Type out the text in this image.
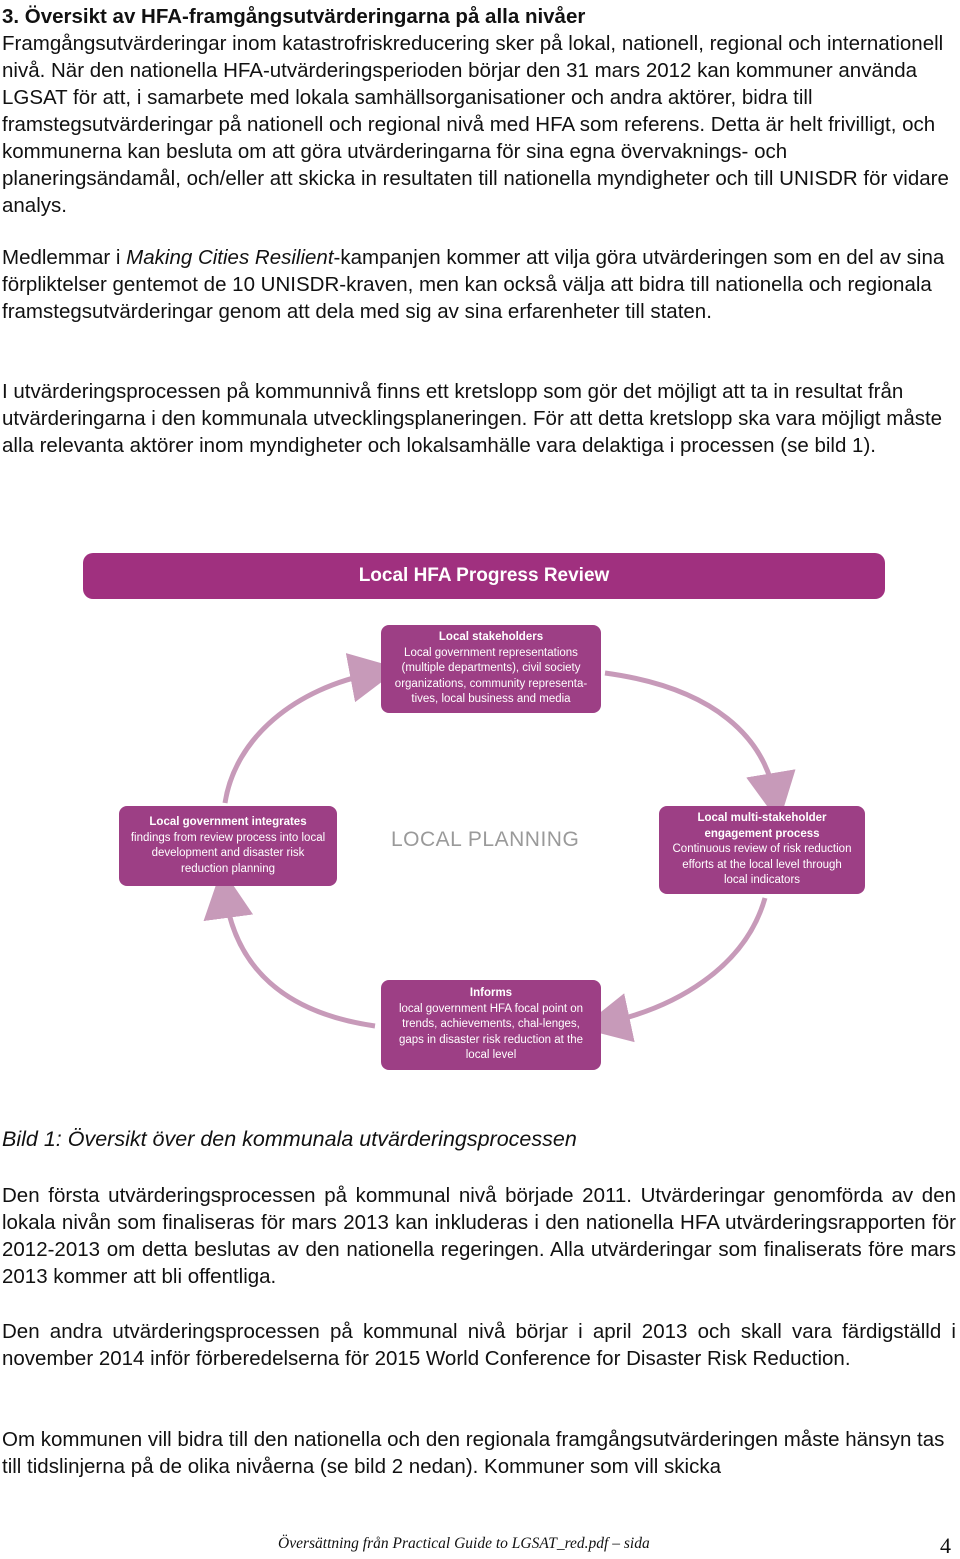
3. Översikt av HFA-framgångsutvärderingarna på alla nivåer

Framgångsutvärderingar inom katastrofriskreducering sker på lokal, nationell, regional och internationell nivå. När den nationella HFA-utvärderingsperioden börjar den 31 mars 2012 kan kommuner använda LGSAT för att, i samarbete med lokala samhällsorganisationer och andra aktörer, bidra till framstegsutvärderingar på nationell och regional nivå med HFA som referens. Detta är helt frivilligt, och kommunerna kan besluta om att göra utvärderingarna för sina egna övervaknings- och planeringsändamål, och/eller att skicka in resultaten till nationella myndigheter och till UNISDR för vidare analys.

Medlemmar i Making Cities Resilient-kampanjen kommer att vilja göra utvärderingen som en del av sina förpliktelser gentemot de 10 UNISDR-kraven, men kan också välja att bidra till nationella och regionala framstegsutvärderingar genom att dela med sig av sina erfarenheter till staten.

I utvärderingsprocessen på kommunnivå finns ett kretslopp som gör det möjligt att ta in resultat från utvärderingarna i den kommunala utvecklingsplaneringen. För att detta kretslopp ska vara möjligt måste alla relevanta aktörer inom myndigheter och lokalsamhälle vara delaktiga i processen (se bild 1).

Local HFA Progress Review
Local stakeholders
Local government representations (multiple departments), civil society organizations, community representa-tives, local business and media
Local government integrates
findings from review process into local development and disaster risk reduction planning
LOCAL PLANNING
Local multi-stakeholder engagement process
Continuous review of risk reduction efforts at the local level through local indicators
Informs
local government HFA focal point on trends, achievements, chal-lenges, gaps in disaster risk reduction at the local level

Bild 1: Översikt över den kommunala utvärderingsprocessen

Den första utvärderingsprocessen på kommunal nivå började 2011. Utvärderingar genomförda av den lokala nivån som finaliseras för mars 2013 kan inkluderas i den nationella HFA utvärderingsrapporten för 2012-2013 om detta beslutas av den nationella regeringen. Alla utvärderingar som finaliserats före mars 2013 kommer att bli offentliga.

Den andra utvärderingsprocessen på kommunal nivå börjar i april 2013 och skall vara färdigställd i november 2014 inför förberedelserna för 2015 World Conference for Disaster Risk Reduction.

Om kommunen vill bidra till den nationella och den regionala framgångsutvärderingen måste hänsyn tas till tidslinjerna på de olika nivåerna (se bild 2 nedan). Kommuner som vill skicka

Översättning från Practical Guide to LGSAT_red.pdf – sida	4
